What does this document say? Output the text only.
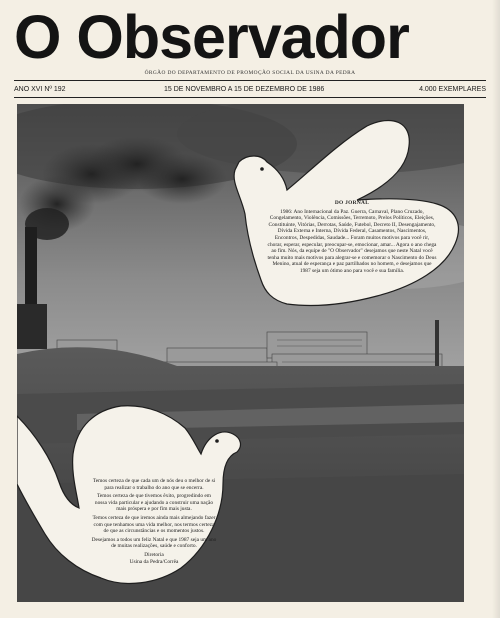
O Observador
ÓRGÃO DO DEPARTAMENTO DE PROMOÇÃO SOCIAL DA USINA DA PEDRA
ANO XVI Nº 192	15 DE NOVEMBRO A 15 DE DEZEMBRO DE 1986	4.000 EXEMPLARES

DO JORNAL

1986: Ano Internacional da Paz. Guerra, Carnaval, Plano Cruzado, Congelamento, Violência, Comissões, Terremoto, Prelos Políticos, Eleições, Constituinte, Vitórias, Derrotas, Saúde, Futebol, Decreto II, Desengajamento, Dívida Externa e Interna, Dívida Federal, Casamentos, Nascimentos, Encontros, Despedidas, Saudade... Foram muitos motivos para você rir, chorar, esperar, especular, preocupar-se, emocionar, amar... Agora o ano chega ao fim. Nós, da equipe de "O Observador" desejamos que neste Natal você tenha muito mais motivos para alegrar-se e comemorar o Nascimento do Deus Menino, atual de esperança e paz partilhados no homem, e desejamos que 1987 seja um ótimo ano para você e sua família.

Temos certeza de que cada um de nós deu o melhor de si para realizar o trabalho do ano que se encerra.

Temos certeza de que tivemos êxito, progredindo em nossa vida particular e ajudando a construir uma nação mais próspera e por fim mais justa.

Temos certeza de que iremos ainda mais almejando fazer com que tenhamos uma vida melhor, nos termos certeza de que as circunstâncias e os momentos justos.

Desejamos a todos um feliz Natal e que 1987 seja um ano de muitas realizações, saúde e conforto.

Diretoria

Usina da Pedra/Corrêa
